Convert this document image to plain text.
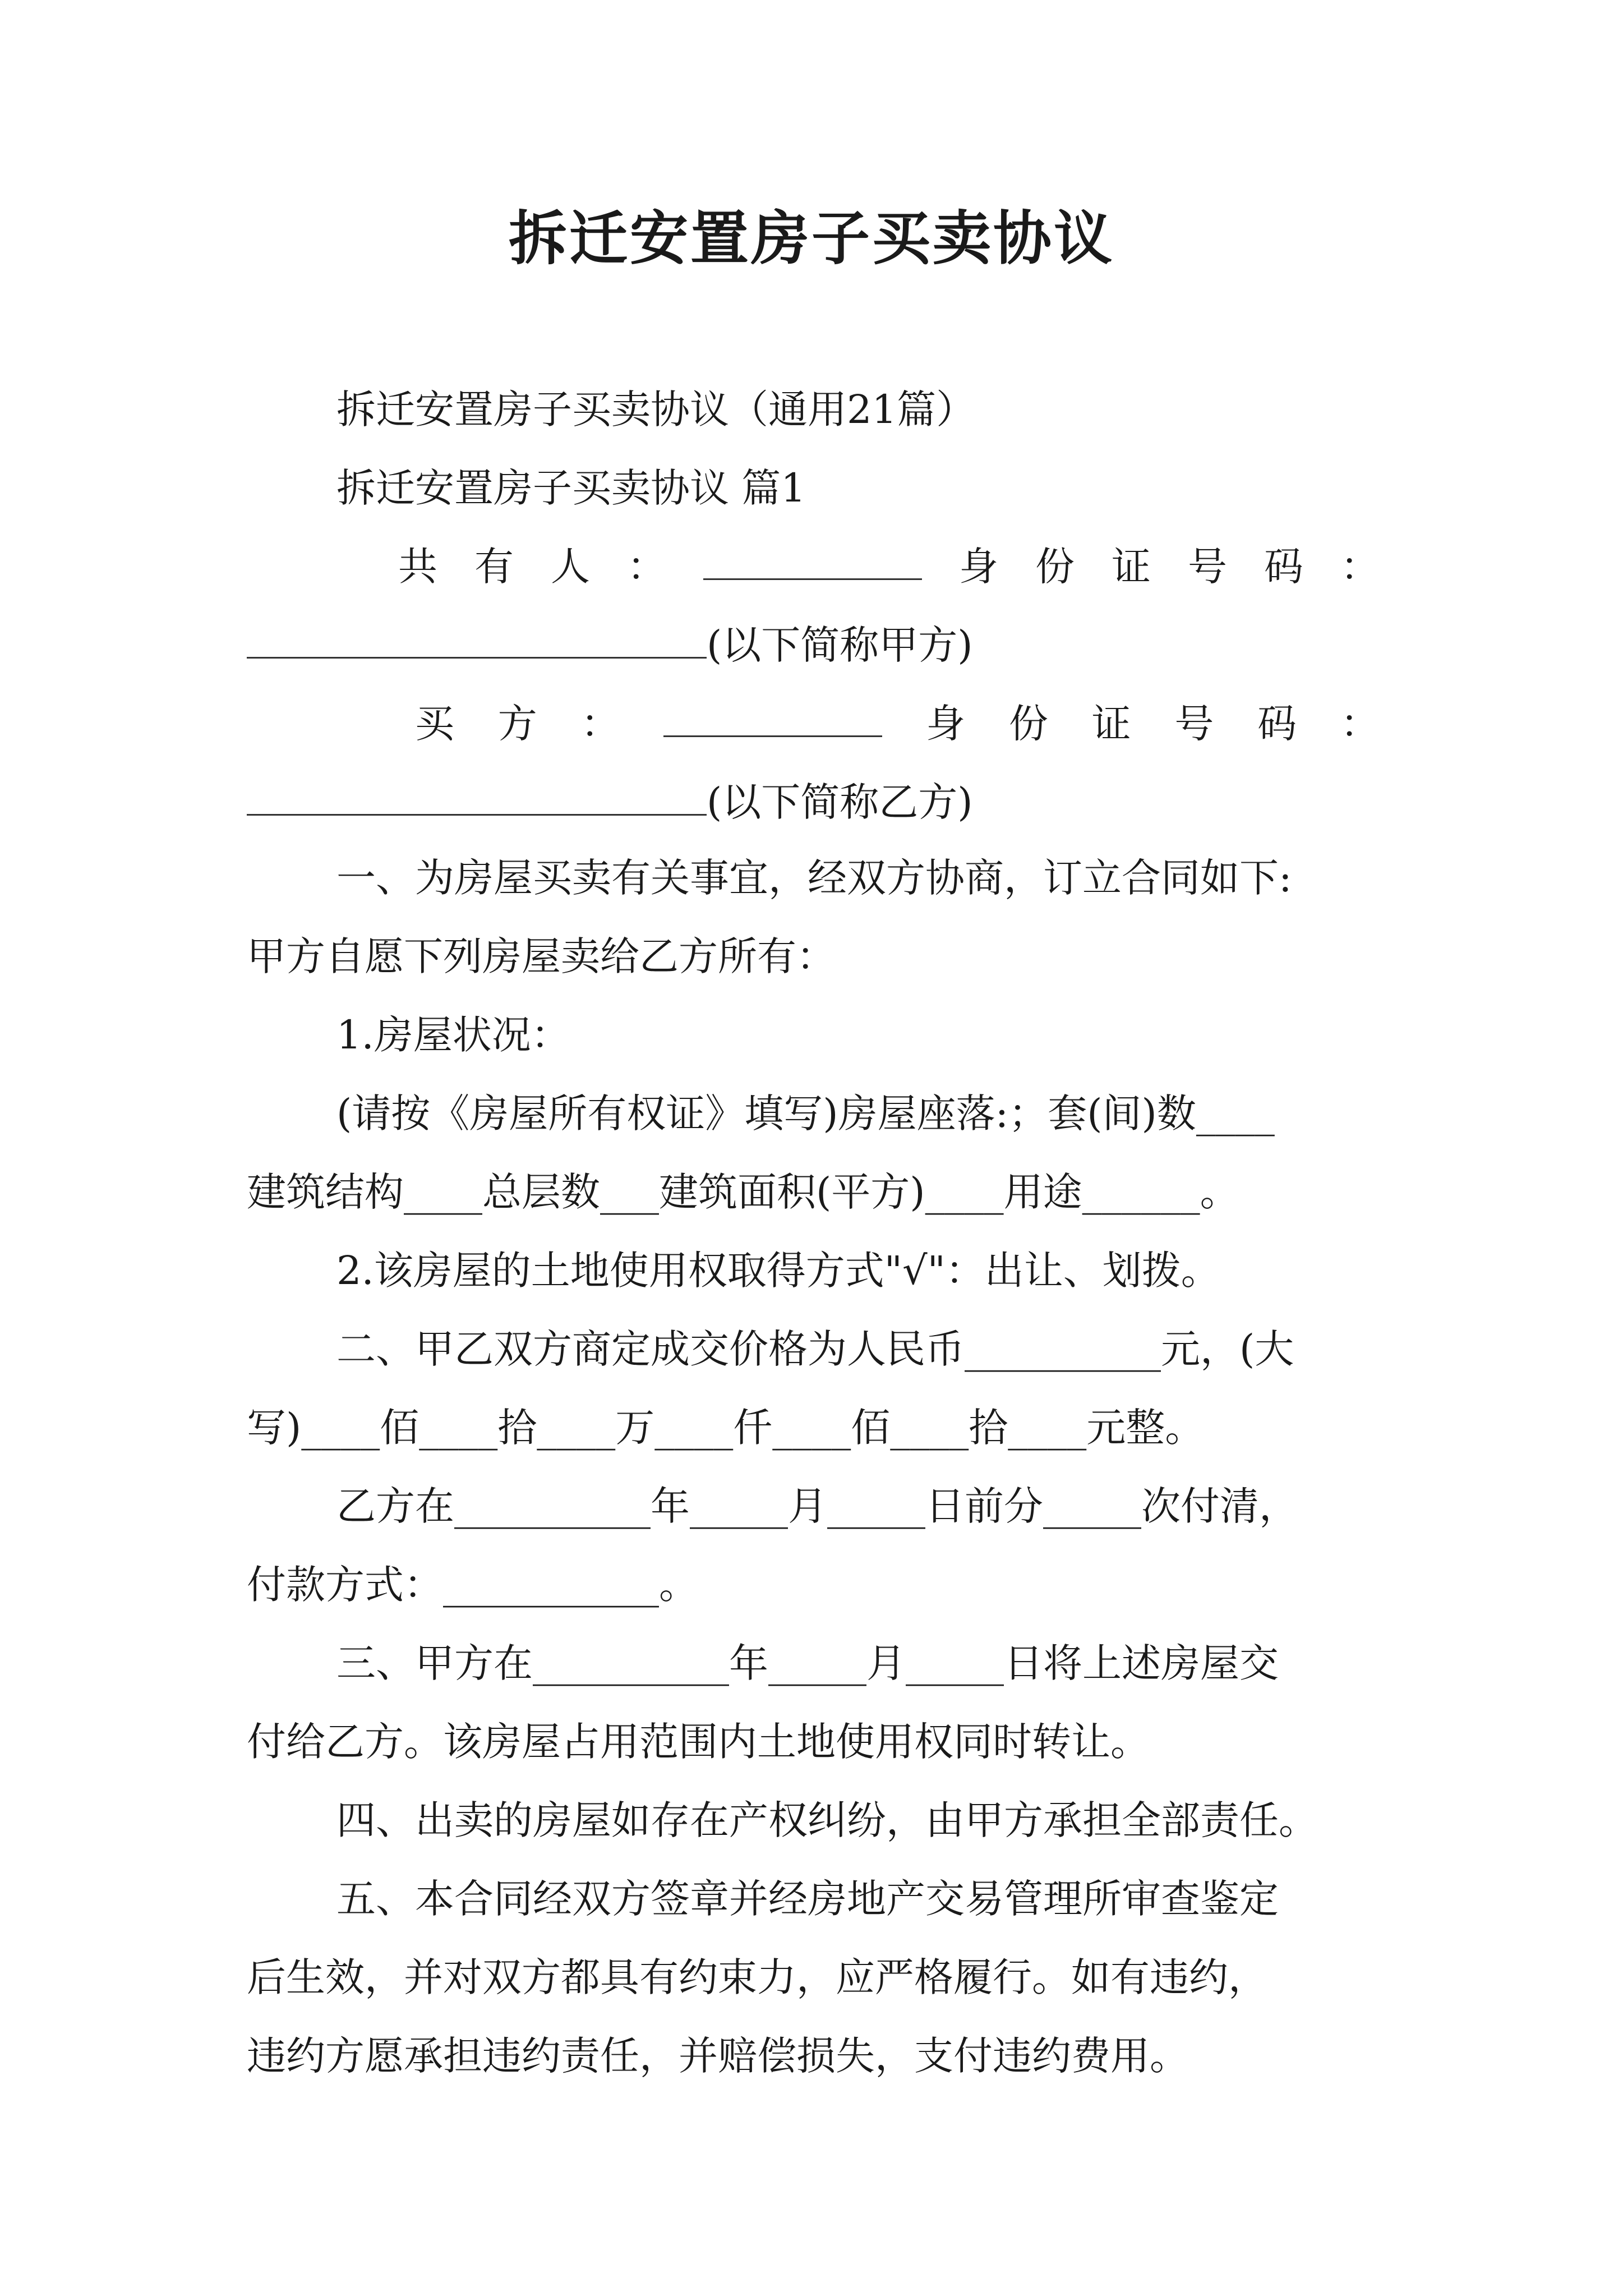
拆迁安置房子买卖协议
拆迁安置房子买卖协议（通用21篇）
拆迁安置房子买卖协议 篇1
共 有 人 ：	身 份 证 号 码 ：
(以下简称甲方)
买 方 ：	身 份 证 号 码 ：
(以下简称乙方)
一、为房屋买卖有关事宜，经双方协商，订立合同如下:
甲方自愿下列房屋卖给乙方所有：
1.房屋状况：
(请按《房屋所有权证》填写)房屋座落:；套(间)数____
建筑结构____总层数___建筑面积(平方)____用途______。
2.该房屋的土地使用权取得方式"√"：出让、划拨。
二、甲乙双方商定成交价格为人民币__________元，(大
写)____佰____拾____万____仟____佰____拾____元整。
乙方在__________年_____月_____日前分_____次付清，
付款方式：___________。
三、甲方在__________年_____月_____日将上述房屋交
付给乙方。该房屋占用范围内土地使用权同时转让。
四、出卖的房屋如存在产权纠纷，由甲方承担全部责任。
五、本合同经双方签章并经房地产交易管理所审查鉴定
后生效，并对双方都具有约束力，应严格履行。如有违约，
违约方愿承担违约责任，并赔偿损失，支付违约费用。
